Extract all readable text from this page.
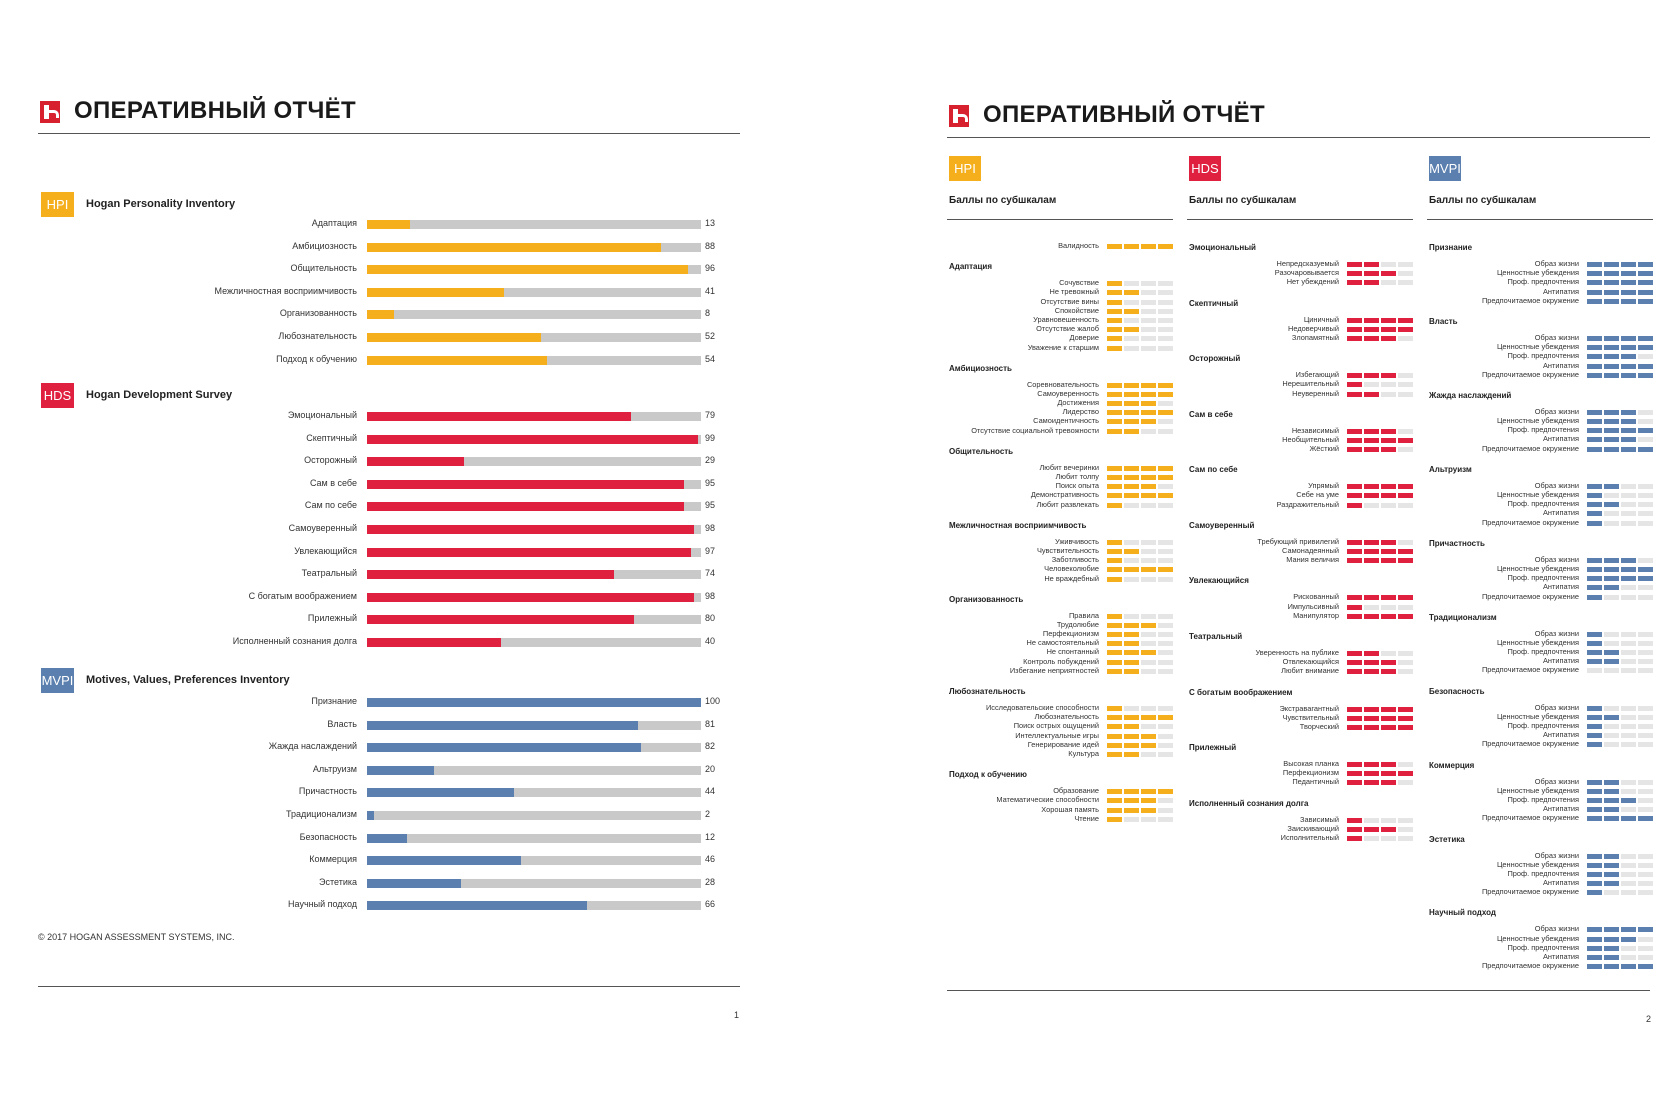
ОПЕРАТИВНЫЙ ОТЧЁТ
HPI	Hogan Personality Inventory
Адаптация	13
Амбициозность	88
Общительность	96
Межличностная восприимчивость	41
Организованность	8
Любознательность	52
Подход к обучению	54
HDS Hogan Development Survey
Эмоциональный	79
Скептичный	99
Осторожный	29
Сам в себе	95
Сам по себе	95
Самоуверенный	98
Увлекающийся	97
Театральный	74
С богатым воображением	98
Прилежный	80
Исполненный сознания долга	40
MVPI Motives, Values, Preferences Inventory
Признание	100
Власть	81
Жажда наслаждений	82
Альтруизм	20
Причастность	44
Традиционализм	2
Безопасность	12
Коммерция	46
Эстетика	28
Научный подход	66
© 2017 HOGAN ASSESSMENT SYSTEMS, INC.
1
ОПЕРАТИВНЫЙ ОТЧЁТ
HPI
Баллы по субшкалам
Валидность
Адаптация
Сочувствие
Не тревожный
Отсутствие вины
Спокойствие
Уравновешенность
Отсутствие жалоб
Доверие
Уважение к старшим
Амбициозность
Соревновательность
Самоуверенность
Достижения
Лидерство
Самоидентичность
Отсутствие социальной тревожности
Общительность
Любит вечеринки
Любит толпу
Поиск опыта
Демонстративность
Любит развлекать
Межличностная восприимчивость
Уживчивость
Чувствительность
Заботливость
Человеколюбие
Не враждебный
Организованность
Правила
Трудолюбие
Перфекционизм
Не самостоятельный
Не спонтанный
Контроль побуждений
Избегание неприятностей
Любознательность
Исследовательские способности
Любознательность
Поиск острых ощущений
Интеллектуальные игры
Генерирование идей
Культура
Подход к обучению
Образование
Математические способности
Хорошая память
Чтение
HDS
Баллы по субшкалам
Эмоциональный
Непредсказуемый
Разочаровывается
Нет убеждений
Скептичный
Циничный
Недоверчивый
Злопамятный
Осторожный
Избегающий
Нерешительный
Неуверенный
Сам в себе
Независимый
Необщительный
Жёсткий
Сам по себе
Упрямый
Себе на уме
Раздражительный
Самоуверенный
Требующий привилегий
Самонадеянный
Мания величия
Увлекающийся
Рискованный
Импульсивный
Манипулятор
Театральный
Уверенность на публике
Отвлекающийся
Любит внимание
С богатым воображением
Экстравагантный
Чувствительный
Творческий
Прилежный
Высокая планка
Перфекционизм
Педантичный
Исполненный сознания долга
Зависимый
Заискивающий
Исполнительный
MVPI
Баллы по субшкалам
Признание
Образ жизни
Ценностные убеждения
Проф. предпочтения
Антипатия
Предпочитаемое окружение
Власть
Образ жизни
Ценностные убеждения
Проф. предпочтения
Антипатия
Предпочитаемое окружение
Жажда наслаждений
Образ жизни
Ценностные убеждения
Проф. предпочтения
Антипатия
Предпочитаемое окружение
Альтруизм
Образ жизни
Ценностные убеждения
Проф. предпочтения
Антипатия
Предпочитаемое окружение
Причастность
Образ жизни
Ценностные убеждения
Проф. предпочтения
Антипатия
Предпочитаемое окружение
Традиционализм
Образ жизни
Ценностные убеждения
Проф. предпочтения
Антипатия
Предпочитаемое окружение
Безопасность
Образ жизни
Ценностные убеждения
Проф. предпочтения
Антипатия
Предпочитаемое окружение
Коммерция
Образ жизни
Ценностные убеждения
Проф. предпочтения
Антипатия
Предпочитаемое окружение
Эстетика
Образ жизни
Ценностные убеждения
Проф. предпочтения
Антипатия
Предпочитаемое окружение
Научный подход
Образ жизни
Ценностные убеждения
Проф. предпочтения
Антипатия
Предпочитаемое окружение
2
